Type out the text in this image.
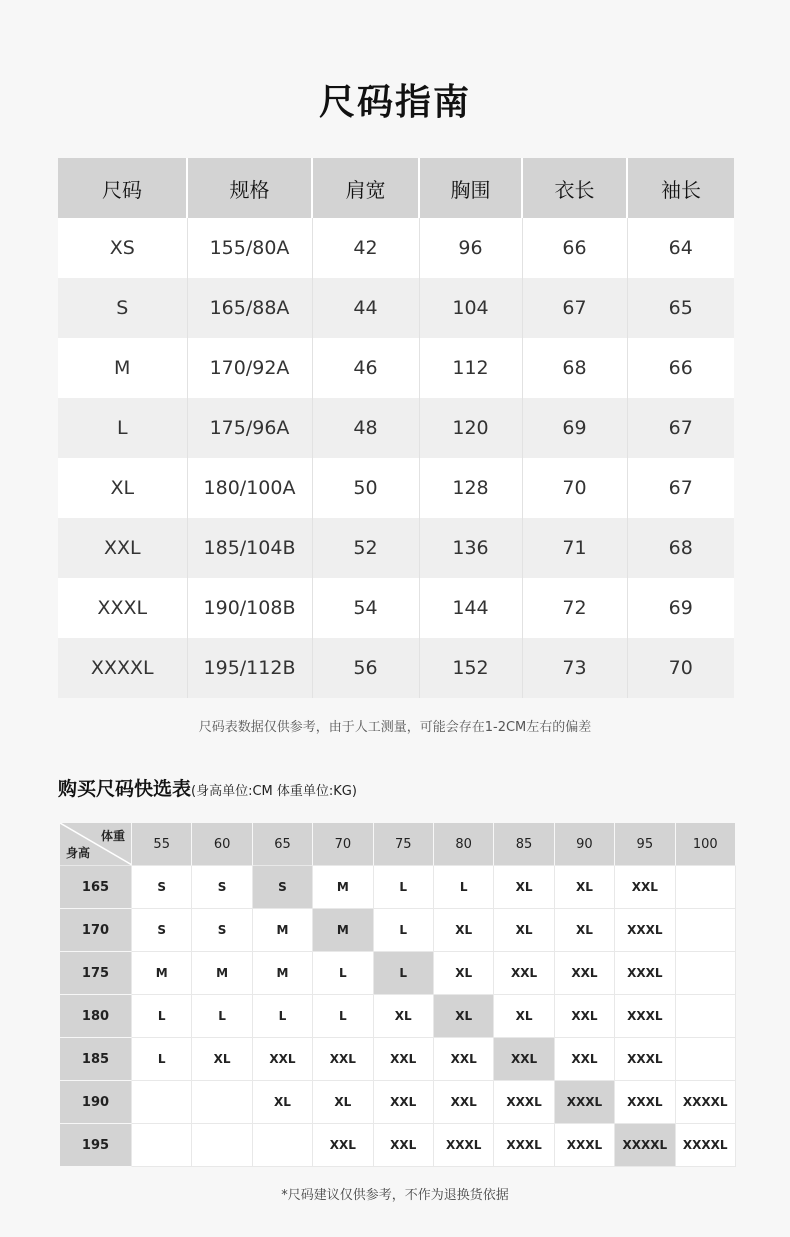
尺码指南
尺码	规格	肩宽	胸围	衣长	袖长
XS	155/80A	42	96	66	64
S	165/88A	44	104	67	65
M	170/92A	46	112	68	66
L	175/96A	48	120	69	67
XL	180/100A	50	128	70	67
XXL	185/104B	52	136	71	68
XXXL	190/108B	54	144	72	69
XXXXL	195/112B	56	152	73	70
尺码表数据仅供参考，由于人工测量，可能会存在1-2CM左右的偏差
购买尺码快选表(身高单位:CM 体重单位:KG)
体重
身高	55	60	65	70	75	80	85	90	95	100
165	S	S	S	M	L	L	XL	XL	XXL	
170	S	S	M	M	L	XL	XL	XL	XXXL	
175	M	M	M	L	L	XL	XXL	XXL	XXXL	
180	L	L	L	L	XL	XL	XL	XXL	XXXL	
185	L	XL	XXL	XXL	XXL	XXL	XXL	XXL	XXXL	
190			XL	XL	XXL	XXL	XXXL	XXXL	XXXL	XXXXL
195				XXL	XXL	XXXL	XXXL	XXXL	XXXXL	XXXXL
*尺码建议仅供参考，不作为退换货依据
